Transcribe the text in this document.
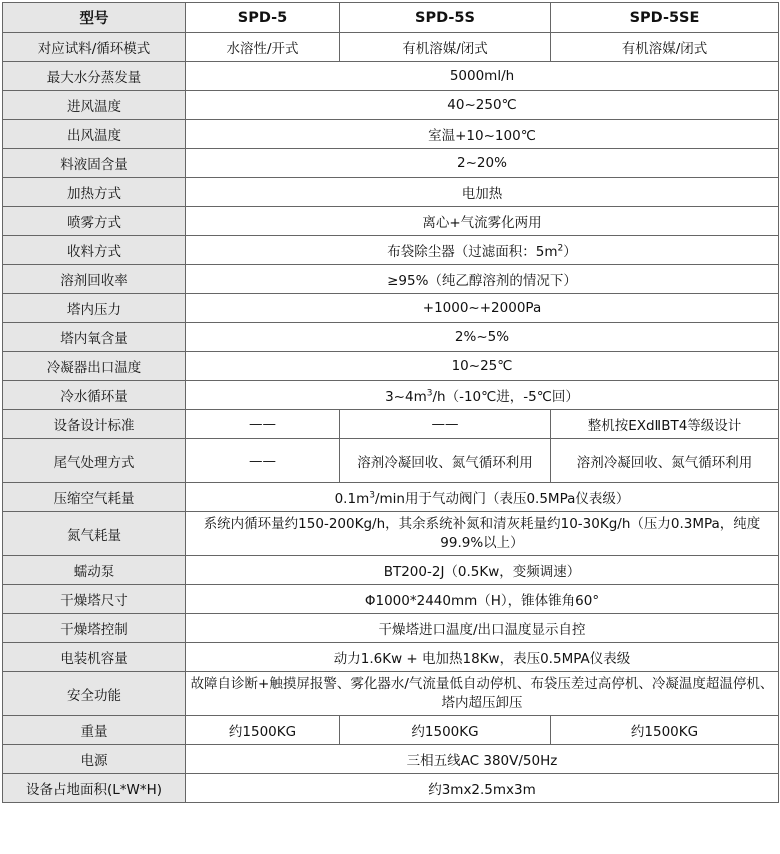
型号	SPD-5	SPD-5S	SPD-5SE
对应试料/循环模式	水溶性/开式	有机溶媒/闭式	有机溶媒/闭式
最大水分蒸发量	5000ml/h		
进风温度	40~250℃		
出风温度	室温+10~100℃		
料液固含量	2~20%		
加热方式	电加热		
喷雾方式	离心+气流雾化两用		
收料方式	布袋除尘器（过滤面积：$5m^2$）		
溶剂回收率	≥95%（纯乙醇溶剂的情况下）		
塔内压力	+1000~+2000Pa		
塔内氧含量	2%~5%		
冷凝器出口温度	10~25℃		
冷水循环量	$3\sim 4m^3/h(-10℃$进，-5℃回）		
设备设计标准	——	——	整机按EXdⅡBT4等级设计
尾气处理方式	——	溶剂冷凝回收、氮气循环利用	溶剂冷凝回收、氮气循环利用
压缩空气耗量	$0.1m^3/\min$用于气动阀门（表压0.5MPa仪表级）		
氮气耗量	系统内循环量约150-200Kg/h，其余系统补氮和清灰耗量约10-30Kg/h（压力0.3MPa，纯度99.9%以上）		
蠕动泵	BT200-2J（0.5Kw，变频调速）		
干燥塔尺寸	Φ1000*2440mm（H），锥体锥角60°		
干燥塔控制	干燥塔进口温度/出口温度显示自控		
电装机容量	动力1.6Kw + 电加热18Kw，表压0.5MPA仪表级		
安全功能	故障自诊断+触摸屏报警、雾化器水/气流量低自动停机、布袋压差过高停机、冷凝温度超温停机、塔内超压卸压		
重量	约1500KG	约1500KG	约1500KG
电源	三相五线AC 380V/50Hz		
设备占地面积(L*W*H)	约3mx2.5mx3m		
